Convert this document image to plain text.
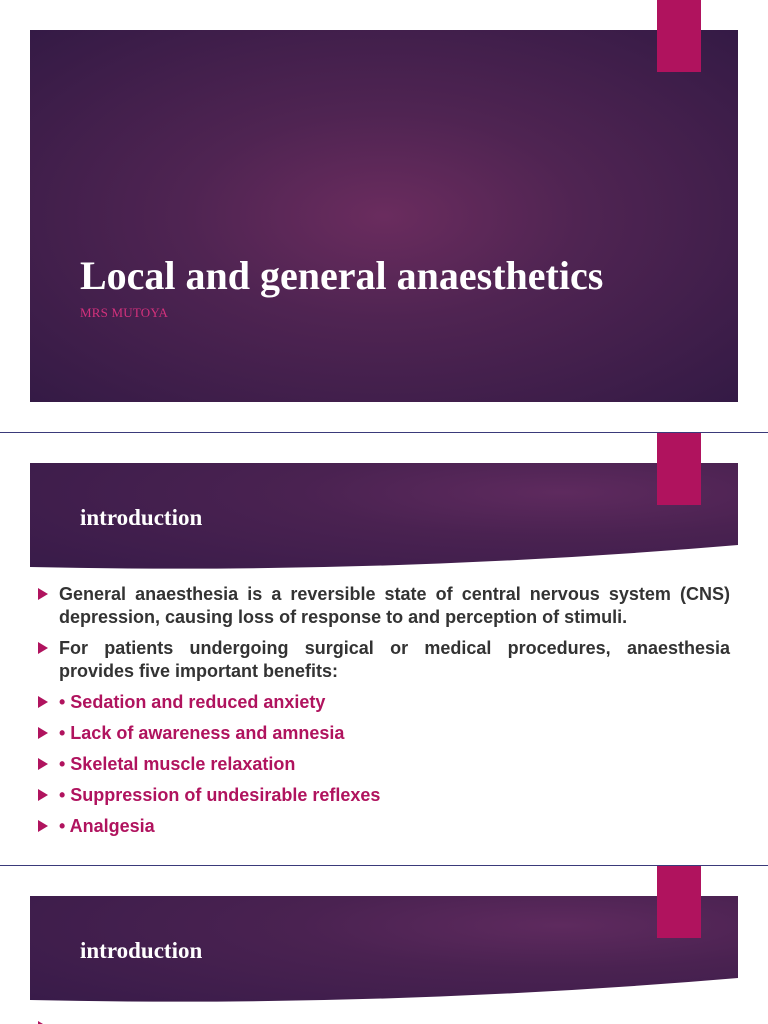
Local and general anaesthetics
MRS MUTOYA
introduction
General anaesthesia is a reversible state of central nervous system (CNS) depression, causing loss of response to and perception of stimuli.
For patients undergoing surgical or medical procedures, anaesthesia provides five important benefits:
• Sedation and reduced anxiety
• Lack of awareness and amnesia
• Skeletal muscle relaxation
• Suppression of undesirable reflexes
• Analgesia
introduction
